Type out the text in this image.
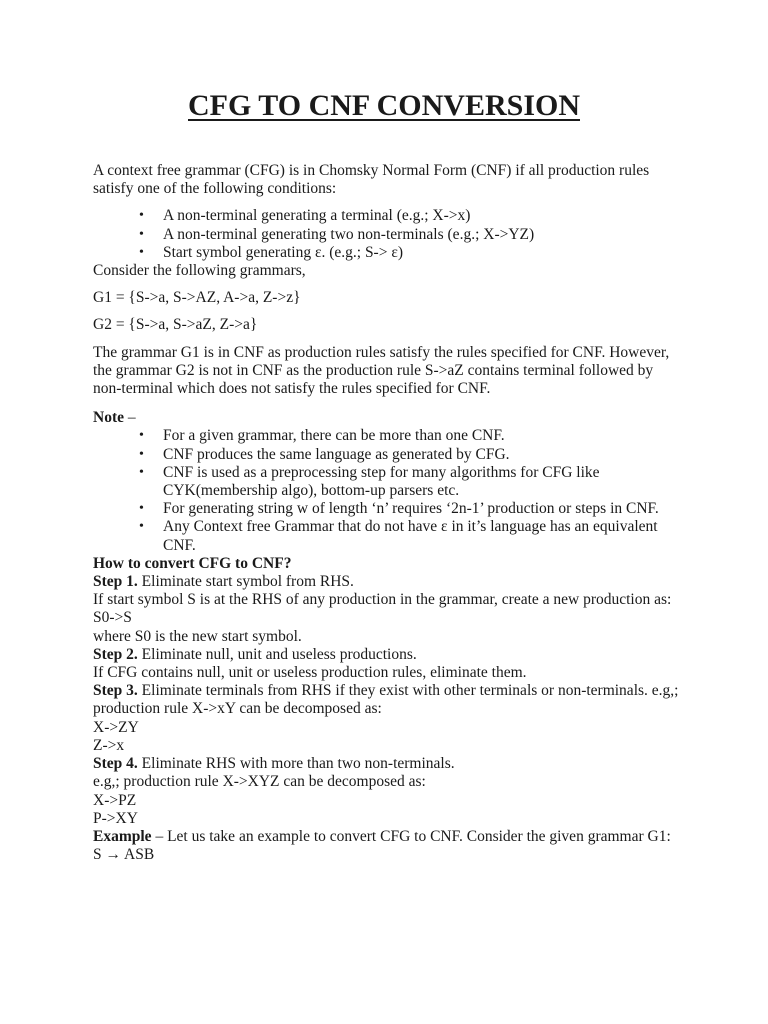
CFG TO CNF CONVERSION

A context free grammar (CFG) is in Chomsky Normal Form (CNF) if all production rules satisfy one of the following conditions:

• A non-terminal generating a terminal (e.g.; X->x)
• A non-terminal generating two non-terminals (e.g.; X->YZ)
• Start symbol generating ε. (e.g.; S-> ε)

Consider the following grammars,

G1 = {S->a, S->AZ, A->a, Z->z}

G2 = {S->a, S->aZ, Z->a}

The grammar G1 is in CNF as production rules satisfy the rules specified for CNF. However, the grammar G2 is not in CNF as the production rule S->aZ contains terminal followed by non-terminal which does not satisfy the rules specified for CNF.

Note –

• For a given grammar, there can be more than one CNF.
• CNF produces the same language as generated by CFG.
• CNF is used as a preprocessing step for many algorithms for CFG like CYK(membership algo), bottom-up parsers etc.
• For generating string w of length ‘n’ requires ‘2n-1’ production or steps in CNF.
• Any Context free Grammar that do not have ε in it’s language has an equivalent CNF.

How to convert CFG to CNF?

Step 1. Eliminate start symbol from RHS.

If start symbol S is at the RHS of any production in the grammar, create a new production as:

S0->S

where S0 is the new start symbol.

Step 2. Eliminate null, unit and useless productions.

If CFG contains null, unit or useless production rules, eliminate them.

Step 3. Eliminate terminals from RHS if they exist with other terminals or non-terminals. e.g,; production rule X->xY can be decomposed as:

X->ZY

Z->x

Step 4. Eliminate RHS with more than two non-terminals.

e.g,; production rule X->XYZ can be decomposed as:

X->PZ

P->XY

Example – Let us take an example to convert CFG to CNF. Consider the given grammar G1:

S → ASB
